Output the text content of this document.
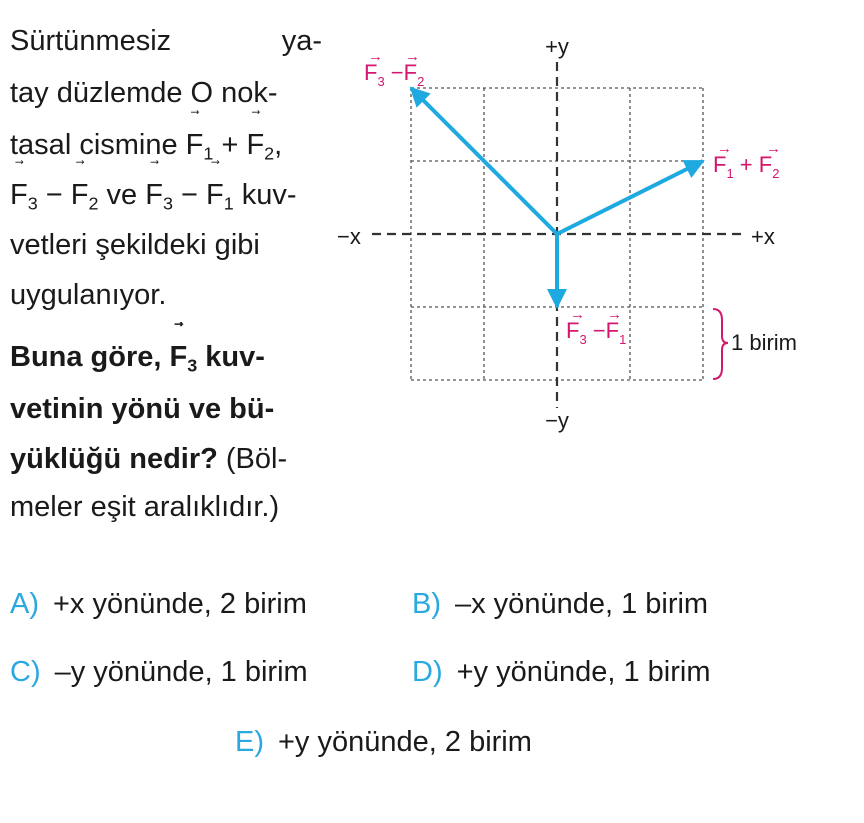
Sürtünmesiz	ya-
tay düzlemde O nok-
tasal cismine
$F_1$ +
$F_2$,
$F_3$ −
$F_2$ ve
$F_3$ −
$F_1$ kuv-
vetleri şekildeki gibi
uygulanıyor.
Buna göre,
$F_3$ kuv-
vetinin yönü ve bü-
yüklüğü nedir? (Böl-
meler eşit aralıklıdır.)
+y
−y
+x
−x
$F_3 -F_2$
→ →
$F_1 + F_2$
→ →
$F_3 -F_1$
→ →
1 birim
A) +x yönünde, 2 birim	B) –x yönünde, 1 birim
C) –y yönünde, 1 birim	D) +y yönünde, 1 birim
E) +y yönünde, 2 birim
